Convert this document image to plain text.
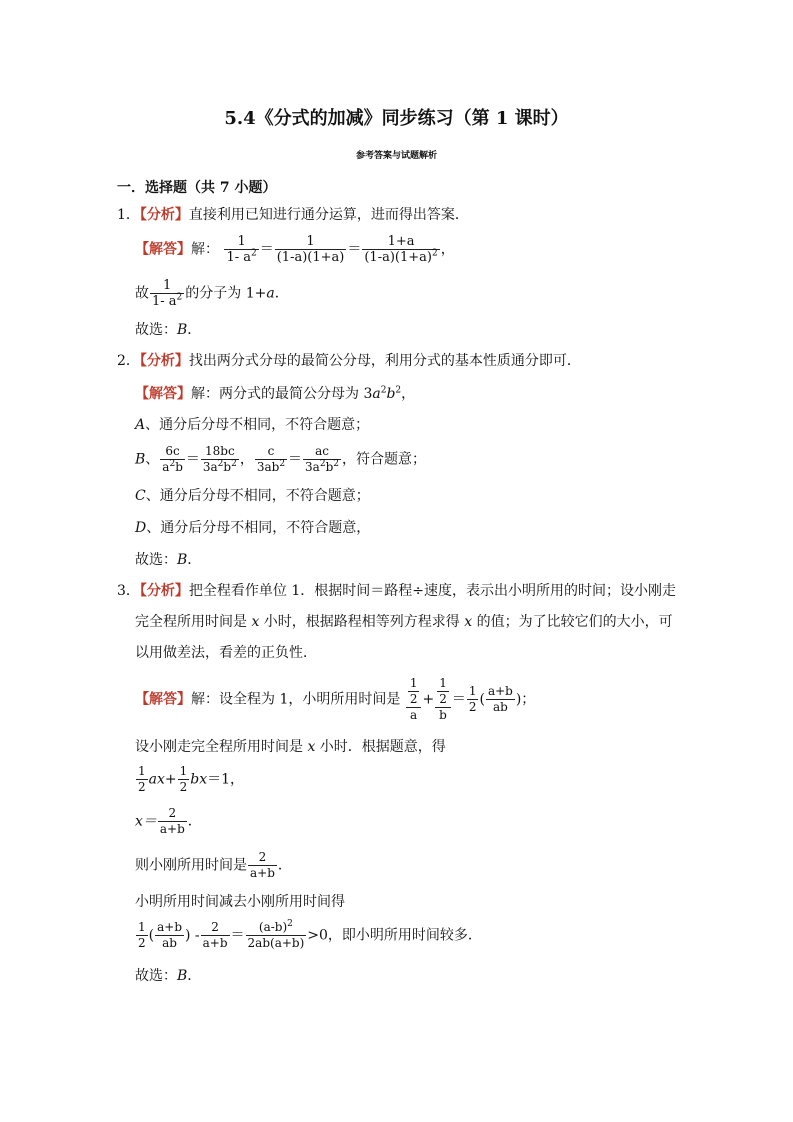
5.4《分式的加减》同步练习（第 1 课时）
参考答案与试题解析
一．选择题（共 7 小题）
1．【分析】直接利用已知进行通分运算，进而得出答案．
【解答】解： $\frac{1}{1- a^2} = \frac{1}{(1-a)(1+a)} = \frac{1+a}{(1-a)(1+a)^2}$ ，
故 $\frac{1}{1- a^2}$ 的分子为 1+a．
故选：B．
2．【分析】找出两分式分母的最简公分母，利用分式的基本性质通分即可．
【解答】解：两分式的最简公分母为 $3a^2b^2$，
A、通分后分母不相同，不符合题意；
B、 $\frac{6c}{a^2b} = \frac{18bc}{3a^2b^2}$ ， $\frac{c}{3ab^2} = \frac{ac}{3a^2b^2}$ ，符合题意；
C、通分后分母不相同，不符合题意；
D、通分后分母不相同，不符合题意，
故选：B．
3．【分析】把全程看作单位 1．根据时间＝路程÷速度，表示出小明所用的时间；设小刚走
完全程所用时间是 x 小时，根据路程相等列方程求得 x 的值；为了比较它们的大小，可
以用做差法，看差的正负性．
【解答】解：设全程为 1，小明所用时间是 $\frac{\frac{1}{2}}{a} + \frac{\frac{1}{2}}{b} = \frac{1}{2}$ ( $\frac{a+b}{ab}$ )；
设小刚走完全程所用时间是 x 小时．根据题意，得
$\frac{1}{2} ax+ \frac{1}{2} bx=1$，
$x= \frac{2}{a+b}$ ．
则小刚所用时间是 $\frac{2}{a+b}$ ．
小明所用时间减去小刚所用时间得
$\frac{1}{2}$ ( $\frac{a+b}{ab}$ ) - $\frac{2}{a+b} = \frac{(a-b)^2}{2ab(a+b)} >0$，即小明所用时间较多．
故选：B．
